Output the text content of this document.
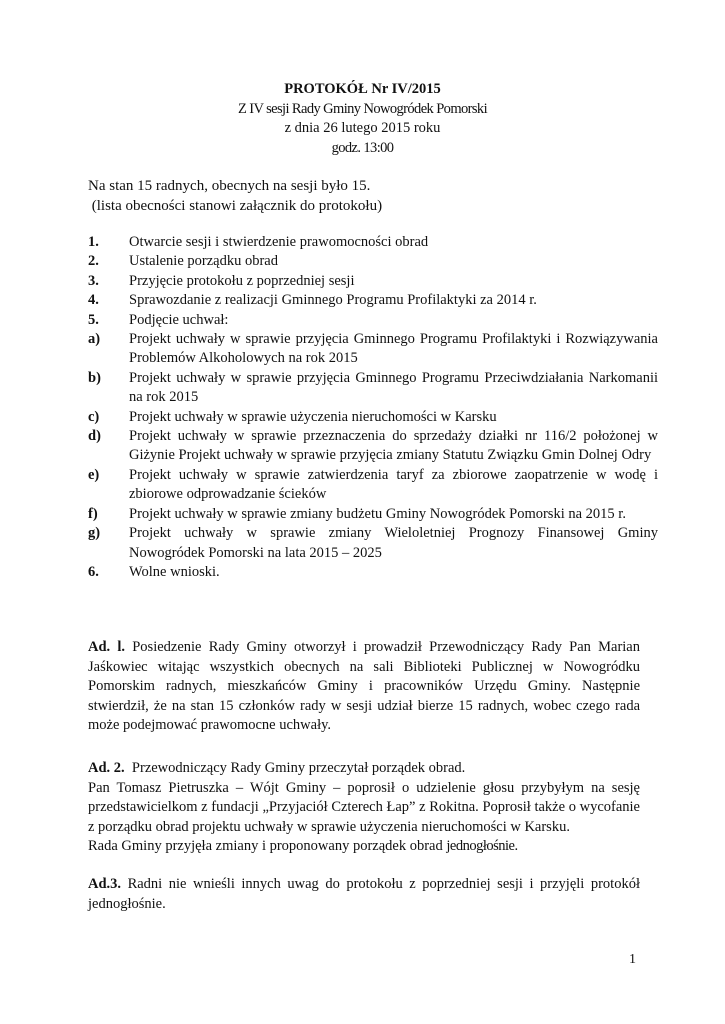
PROTOKÓŁ Nr IV/2015
Z IV sesji Rady Gminy Nowogródek Pomorski
z dnia 26 lutego 2015 roku
godz. 13:00
Na stan 15 radnych, obecnych na sesji było 15.
(lista obecności stanowi załącznik do protokołu)
1.	Otwarcie sesji i stwierdzenie prawomocności obrad
2.	Ustalenie porządku obrad
3.	Przyjęcie protokołu z poprzedniej sesji
4.	Sprawozdanie z realizacji Gminnego Programu Profilaktyki za 2014 r.
5.	Podjęcie uchwał:
a)	Projekt uchwały w sprawie przyjęcia Gminnego Programu Profilaktyki i Rozwiązywania Problemów Alkoholowych na rok 2015
b)	Projekt uchwały w sprawie przyjęcia Gminnego Programu Przeciwdziałania Narkomanii na rok 2015
c)	Projekt uchwały w sprawie użyczenia nieruchomości w Karsku
d)	Projekt uchwały w sprawie przeznaczenia do sprzedaży działki nr 116/2 położonej w Giżynie Projekt uchwały w sprawie przyjęcia zmiany Statutu Związku Gmin Dolnej Odry
e)	Projekt uchwały w sprawie zatwierdzenia taryf za zbiorowe zaopatrzenie w wodę i zbiorowe odprowadzanie ścieków
f)	Projekt uchwały w sprawie zmiany budżetu Gminy Nowogródek Pomorski na 2015 r.
g)	Projekt uchwały w sprawie zmiany Wieloletniej Prognozy Finansowej Gminy Nowogródek Pomorski na lata 2015 – 2025
6.	Wolne wnioski.

Ad. l. Posiedzenie Rady Gminy otworzył i prowadził Przewodniczący Rady Pan Marian Jaśkowiec witając wszystkich obecnych na sali Biblioteki Publicznej w Nowogródku Pomorskim radnych, mieszkańców Gminy i pracowników Urzędu Gminy. Następnie stwierdził, że na stan 15 członków rady w sesji udział bierze 15 radnych, wobec czego rada może podejmować prawomocne uchwały.

Ad. 2.  Przewodniczący Rady Gminy przeczytał porządek obrad.

Pan Tomasz Pietruszka – Wójt Gminy – poprosił o udzielenie głosu przybyłym na sesję przedstawicielkom z fundacji „Przyjaciół Czterech Łap” z Rokitna. Poprosił także o wycofanie z porządku obrad projektu uchwały w sprawie użyczenia nieruchomości w Karsku.

Rada Gminy przyjęła zmiany i proponowany porządek obrad jednogłośnie.

Ad.3. Radni nie wnieśli innych uwag do protokołu z poprzedniej sesji i przyjęli protokół jednogłośnie.

1
